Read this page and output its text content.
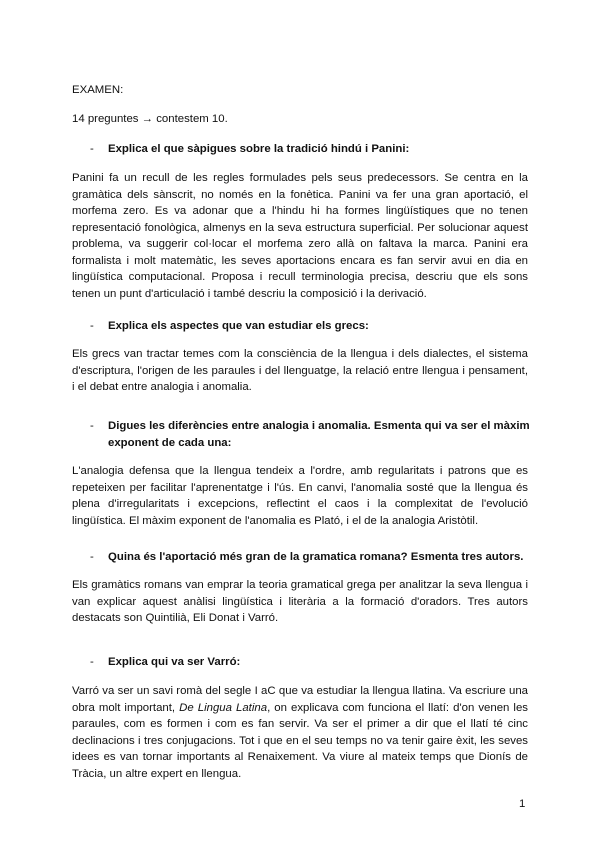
EXAMEN:

14 preguntes → contestem 10.

- Explica el que sàpigues sobre la tradició hindú i Panini:

Panini fa un recull de les regles formulades pels seus predecessors. Se centra en la gramàtica dels sànscrit, no només en la fonètica. Panini va fer una gran aportació, el morfema zero. Es va adonar que a l'hindu hi ha formes lingüístiques que no tenen representació fonològica, almenys en la seva estructura superficial. Per solucionar aquest problema, va suggerir col·locar el morfema zero allà on faltava la marca. Panini era formalista i molt matemàtic, les seves aportacions encara es fan servir avui en dia en lingüística computacional. Proposa i recull terminologia precisa, descriu que els sons tenen un punt d'articulació i també descriu la composició i la derivació.

- Explica els aspectes que van estudiar els grecs:

Els grecs van tractar temes com la consciència de la llengua i dels dialectes, el sistema d'escriptura, l'origen de les paraules i del llenguatge, la relació entre llengua i pensament, i el debat entre analogia i anomalia.

- Digues les diferències entre analogia i anomalia. Esmenta qui va ser el màxim exponent de cada una:

L'analogia defensa que la llengua tendeix a l'ordre, amb regularitats i patrons que es repeteixen per facilitar l'aprenentatge i l'ús. En canvi, l'anomalia sosté que la llengua és plena d'irregularitats i excepcions, reflectint el caos i la complexitat de l'evolució lingüística. El màxim exponent de l'anomalia es Plató, i el de la analogia Aristòtil.

- Quina és l'aportació més gran de la gramatica romana? Esmenta tres autors.

Els gramàtics romans van emprar la teoria gramatical grega per analitzar la seva llengua i van explicar aquest anàlisi lingüística i literària a la formació d'oradors. Tres autors destacats son Quintilià, Eli Donat i Varró.

- Explica qui va ser Varró:

Varró va ser un savi romà del segle I aC que va estudiar la llengua llatina. Va escriure una obra molt important, De Lingua Latina, on explicava com funciona el llatí: d'on venen les paraules, com es formen i com es fan servir. Va ser el primer a dir que el llatí té cinc declinacions i tres conjugacions. Tot i que en el seu temps no va tenir gaire èxit, les seves idees es van tornar importants al Renaixement. Va viure al mateix temps que Dionís de Tràcia, un altre expert en llengua.

1
